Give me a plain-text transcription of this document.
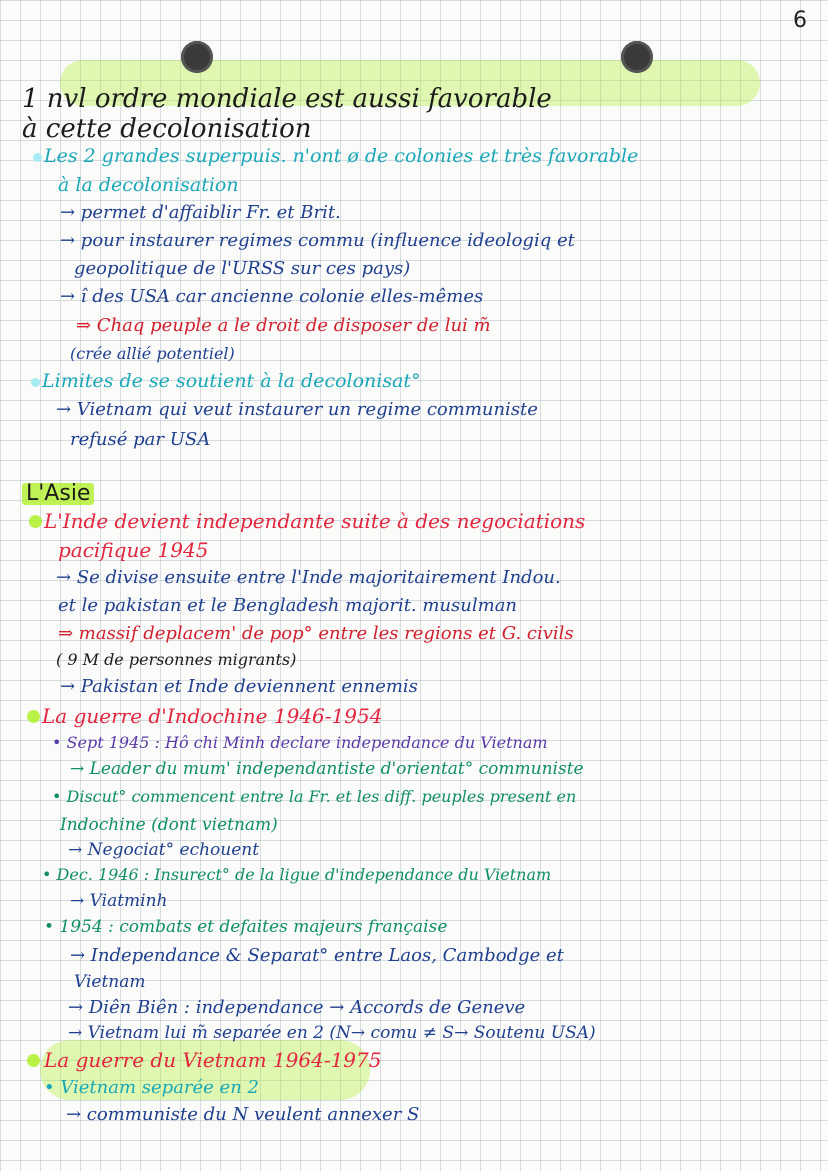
6
1 nvl ordre mondiale est aussi favorable
à cette decolonisation
Les 2 grandes superpuis. n'ont ø de colonies et très favorable
à la decolonisation
→ permet d'affaiblir Fr. et Brit.
→ pour instaurer regimes commu (influence ideologiq et
geopolitique de l'URSS sur ces pays)
→ î des USA car ancienne colonie elles-mêmes
⇒ Chaq peuple a le droit de disposer de lui m̃
(crée allié potentiel)
Limites de se soutient à la decolonisat°
→ Vietnam qui veut instaurer un regime communiste
refusé par USA
L'Asie
L'Inde devient independante suite à des negociations
pacifique 1945
→ Se divise ensuite entre l'Inde majoritairement Indou.
et le pakistan et le Bengladesh majorit. musulman
⇒ massif deplacem' de pop° entre les regions et G. civils
( 9 M de personnes migrants)
→ Pakistan et Inde deviennent ennemis
La guerre d'Indochine 1946-1954
• Sept 1945 : Hô chi Minh declare independance du Vietnam
→ Leader du mum' independantiste d'orientat° communiste
• Discut° commencent entre la Fr. et les diff. peuples present en
Indochine (dont vietnam)
→ Negociat° echouent
• Dec. 1946 : Insurect° de la ligue d'independance du Vietnam
→ Viatminh
• 1954 : combats et defaites majeurs française
→ Independance & Separat° entre Laos, Cambodge et
Vietnam
→ Diên Biên : independance → Accords de Geneve
→ Vietnam lui m̃ separée en 2 (N→ comu ≠ S→ Soutenu USA)
La guerre du Vietnam 1964-1975
• Vietnam separée en 2
→ communiste du N veulent annexer S
